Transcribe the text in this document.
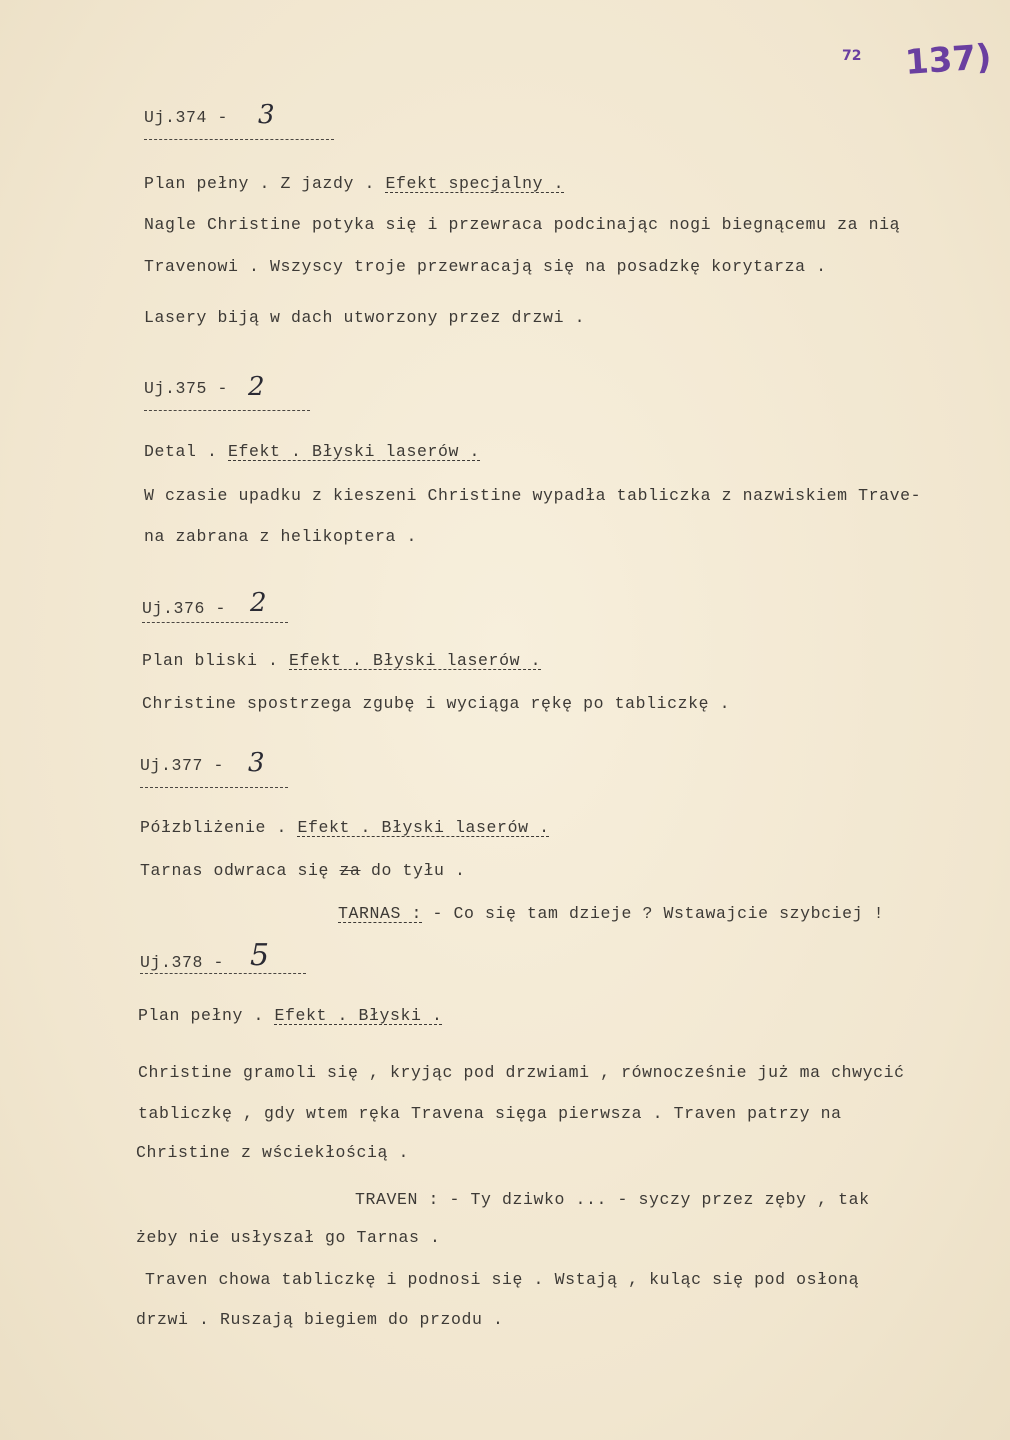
72 137)
Uj.374 - 3
Plan pełny . Z jazdy . Efekt specjalny .
Nagle Christine potyka się i przewraca podcinając nogi biegnącemu za nią
Travenowi . Wszyscy troje przewracają się na posadzkę korytarza .
Lasery biją w dach utworzony przez drzwi .
Uj.375 - 2
Detal . Efekt . Błyski laserów .
W czasie upadku z kieszeni Christine wypadła tabliczka z nazwiskiem Trave-
na zabrana z helikoptera .
Uj.376 - 2
Plan bliski . Efekt . Błyski laserów .
Christine spostrzega zgubę i wyciąga rękę po tabliczkę .
Uj.377 - 3
Półzbliżenie . Efekt . Błyski laserów .
Tarnas odwraca się za do tyłu .
TARNAS : - Co się tam dzieje ? Wstawajcie szybciej !
Uj.378 - 5
Plan pełny . Efekt . Błyski .
Christine gramoli się , kryjąc pod drzwiami , równocześnie już ma chwycić
tabliczkę , gdy wtem ręka Travena sięga pierwsza . Traven patrzy na
Christine z wściekłością .
TRAVEN : - Ty dziwko ... - syczy przez zęby , tak
żeby nie usłyszał go Tarnas .
Traven chowa tabliczkę i podnosi się . Wstają , kuląc się pod osłoną
drzwi . Ruszają biegiem do przodu .
